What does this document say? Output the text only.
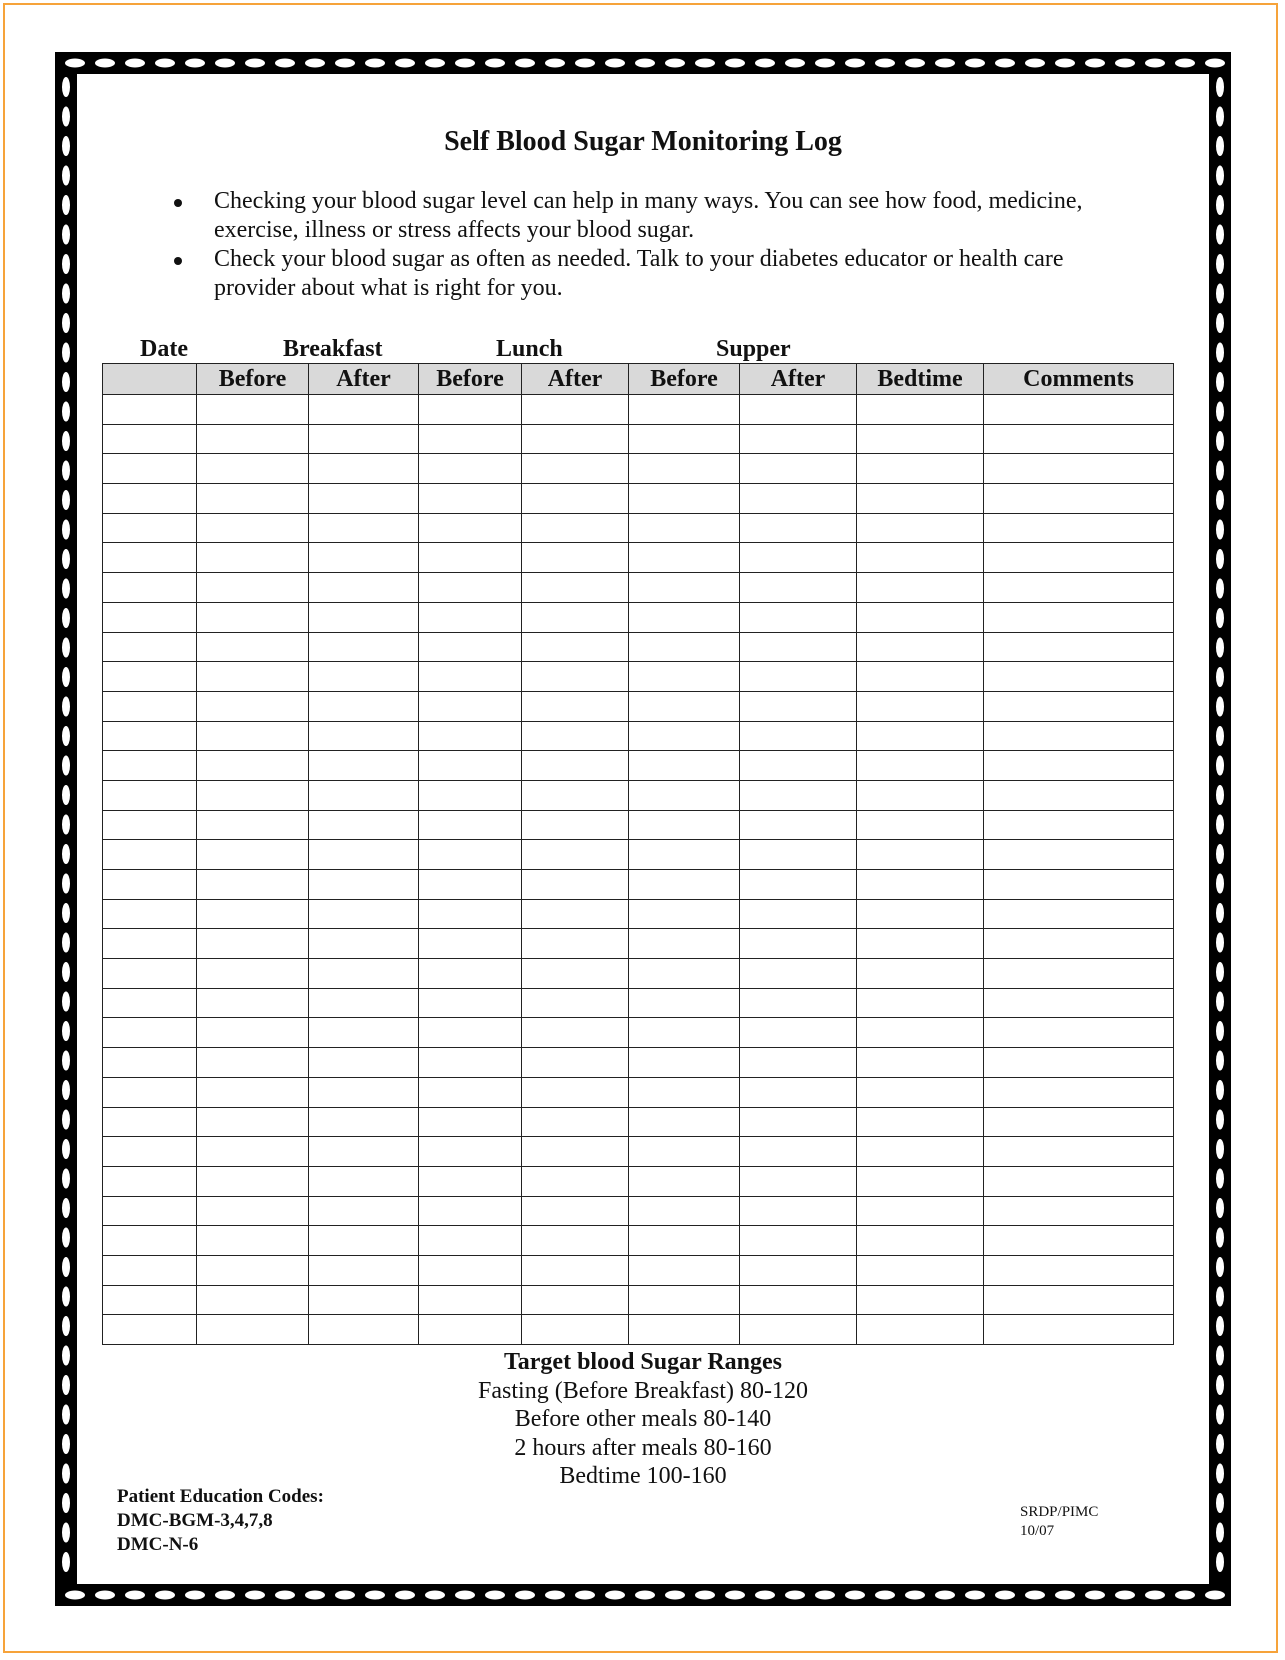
Self Blood Sugar Monitoring Log
Checking your blood sugar level can help in many ways. You can see how food, medicine, exercise, illness or stress affects your blood sugar.
Check your blood sugar as often as needed. Talk to your diabetes educator or health care provider about what is right for you.
Date	Breakfast	Lunch	Supper
	Before	After	Before	After	Before	After	Bedtime	Comments

Target blood Sugar Ranges
Fasting (Before Breakfast) 80-120
Before other meals 80-140
2 hours after meals 80-160
Bedtime 100-160
Patient Education Codes:
DMC-BGM-3,4,7,8
DMC-N-6
SRDP/PIMC
10/07
